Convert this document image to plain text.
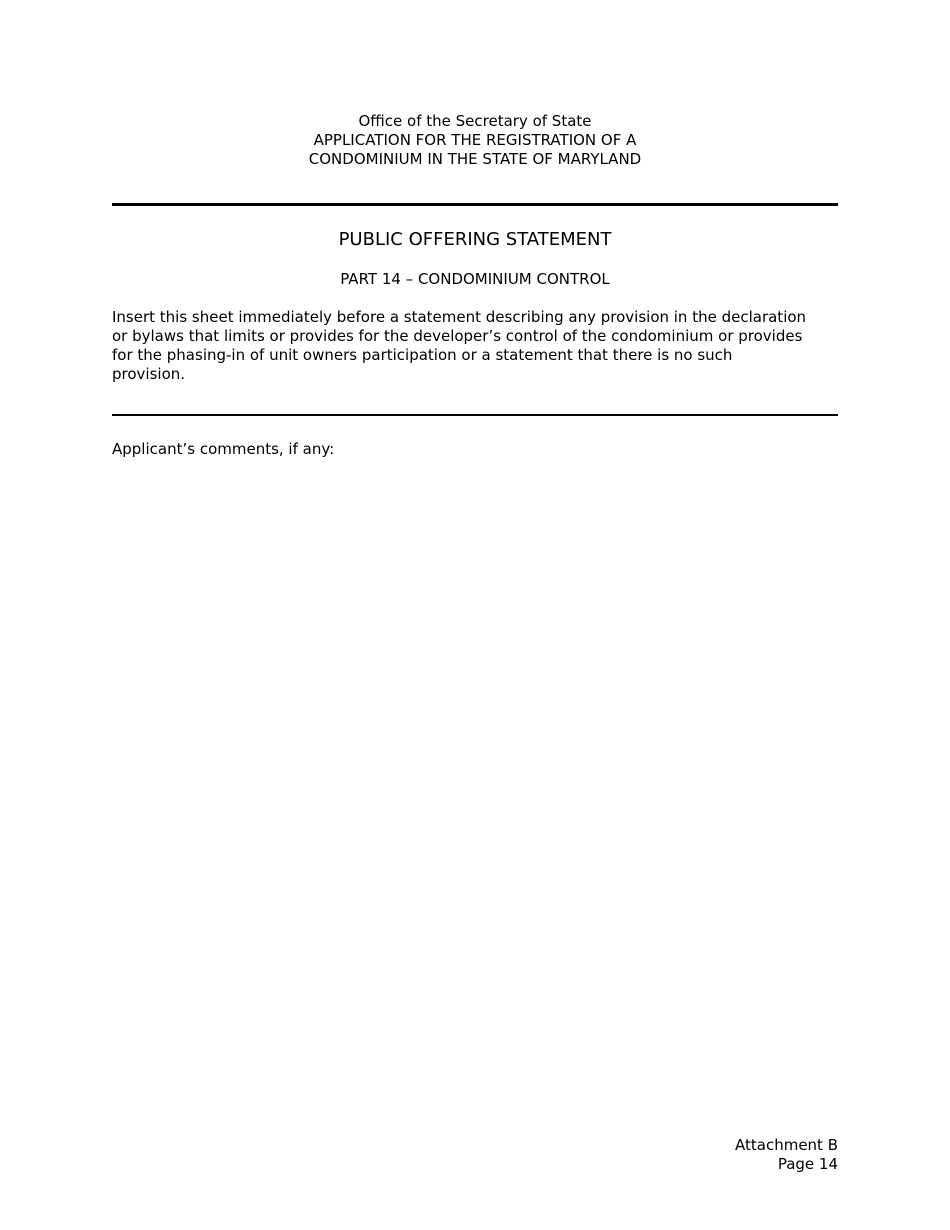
Office of the Secretary of State
APPLICATION FOR THE REGISTRATION OF A
CONDOMINIUM IN THE STATE OF MARYLAND
PUBLIC OFFERING STATEMENT
PART 14 – CONDOMINIUM CONTROL
Insert this sheet immediately before a statement describing any provision in the declaration
or bylaws that limits or provides for the developer’s control of the condominium or provides
for the phasing-in of unit owners participation or a statement that there is no such
provision.
Applicant’s comments, if any:
Attachment B
Page 14
